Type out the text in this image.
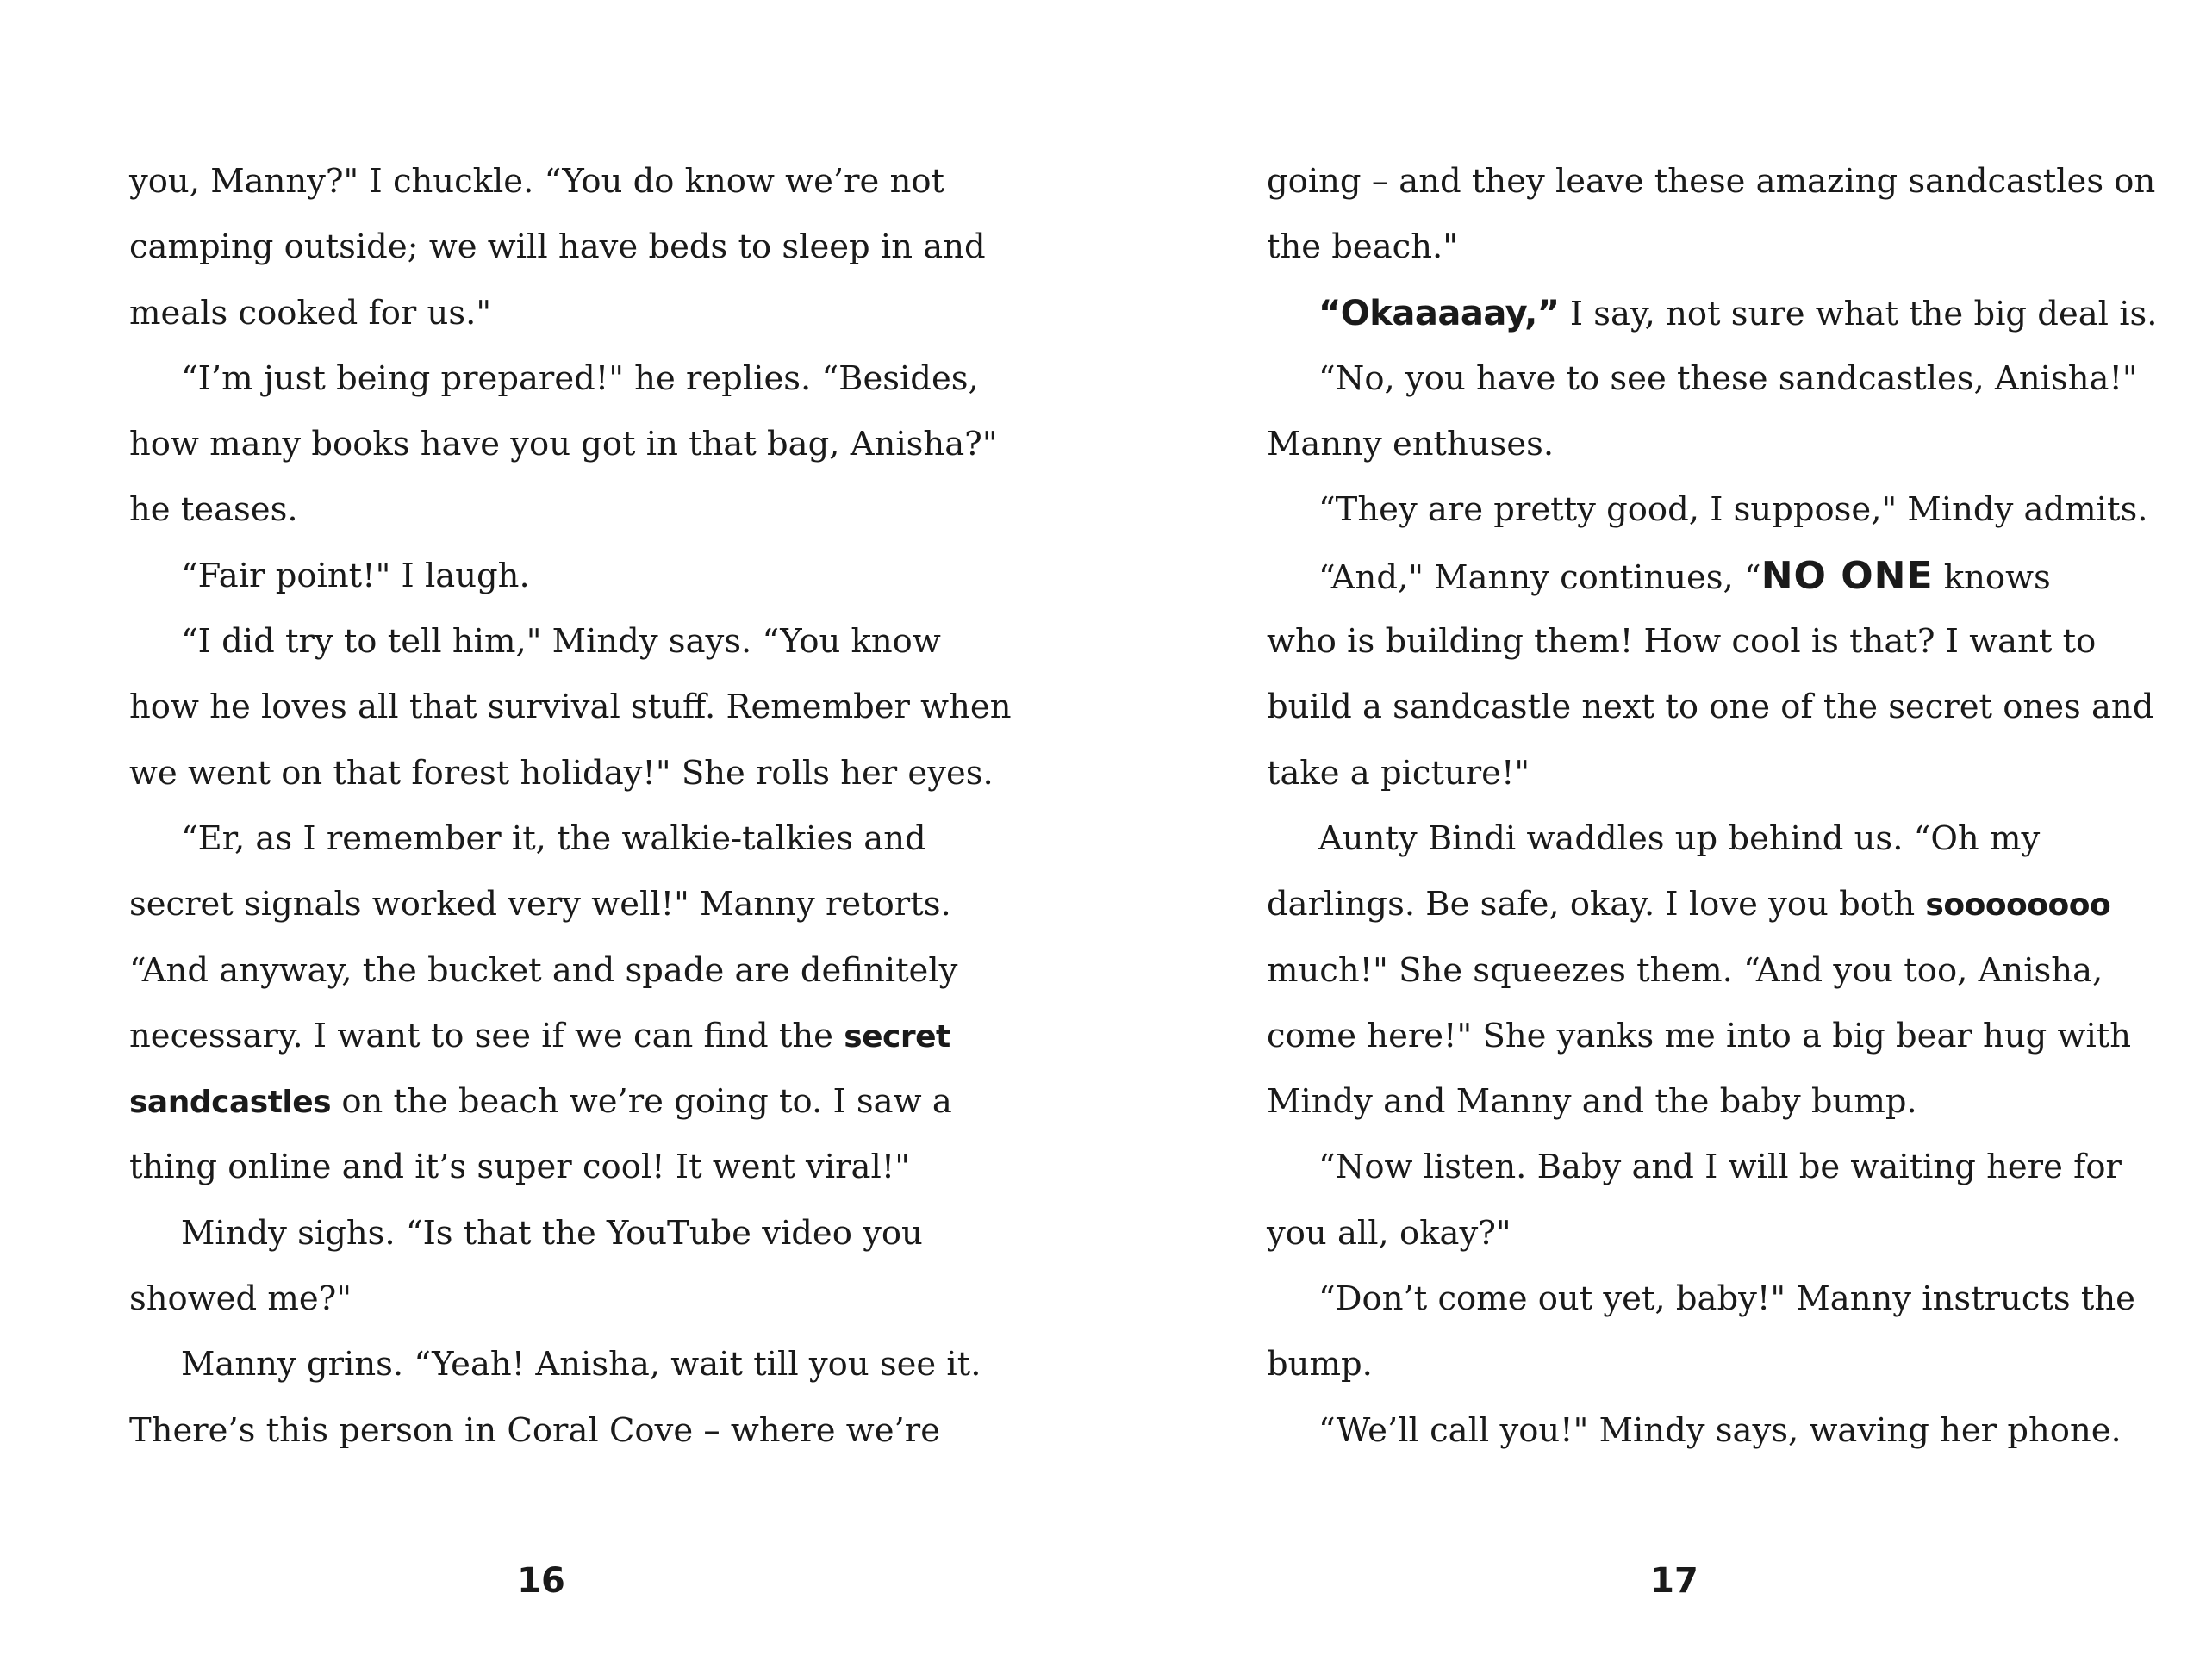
you, Manny?" I chuckle. “You do know we’re not
camping outside; we will have beds to sleep in and
meals cooked for us."
“I’m just being prepared!" he replies. “Besides,
how many books have you got in that bag, Anisha?"
he teases.
“Fair point!" I laugh.
“I did try to tell him," Mindy says. “You know
how he loves all that survival stuff. Remember when
we went on that forest holiday!" She rolls her eyes.
“Er, as I remember it, the walkie-talkies and
secret signals worked very well!" Manny retorts.
“And anyway, the bucket and spade are definitely
necessary. I want to see if we can find the secret
sandcastles on the beach we’re going to. I saw a
thing online and it’s super cool! It went viral!"
Mindy sighs. “Is that the YouTube video you
showed me?"
Manny grins. “Yeah! Anisha, wait till you see it.
There’s this person in Coral Cove – where we’re
going – and they leave these amazing sandcastles on
the beach."
“Okaaaaay,” I say, not sure what the big deal is.
“No, you have to see these sandcastles, Anisha!"
Manny enthuses.
“They are pretty good, I suppose," Mindy admits.
“And," Manny continues, “NO ONE knows
who is building them! How cool is that? I want to
build a sandcastle next to one of the secret ones and
take a picture!"
Aunty Bindi waddles up behind us. “Oh my
darlings. Be safe, okay. I love you both soooooooo
much!" She squeezes them. “And you too, Anisha,
come here!" She yanks me into a big bear hug with
Mindy and Manny and the baby bump.
“Now listen. Baby and I will be waiting here for
you all, okay?"
“Don’t come out yet, baby!" Manny instructs the
bump.
“We’ll call you!" Mindy says, waving her phone.
16	17
